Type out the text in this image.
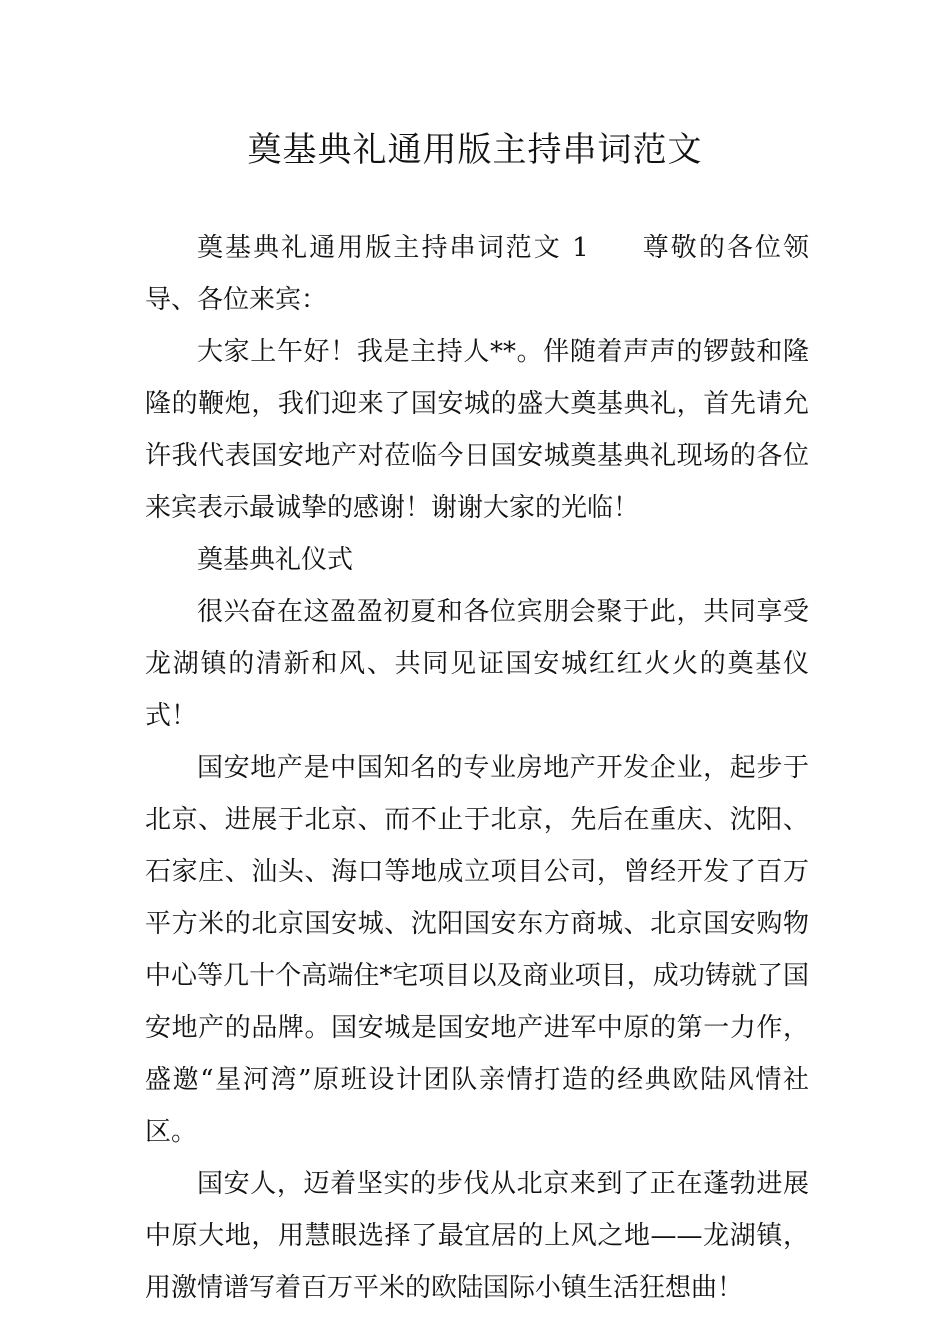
奠基典礼通用版主持串词范文

奠基典礼通用版主持串词范文 1 尊敬的各位领导、各位来宾：

大家上午好！我是主持人**。伴随着声声的锣鼓和隆隆的鞭炮，我们迎来了国安城的盛大奠基典礼，首先请允许我代表国安地产对莅临今日国安城奠基典礼现场的各位来宾表示最诚挚的感谢！谢谢大家的光临！

奠基典礼仪式

很兴奋在这盈盈初夏和各位宾朋会聚于此，共同享受龙湖镇的清新和风、共同见证国安城红红火火的奠基仪式！

国安地产是中国知名的专业房地产开发企业，起步于北京、进展于北京、而不止于北京，先后在重庆、沈阳、石家庄、汕头、海口等地成立项目公司，曾经开发了百万平方米的北京国安城、沈阳国安东方商城、北京国安购物中心等几十个高端住*宅项目以及商业项目，成功铸就了国安地产的品牌。国安城是国安地产进军中原的第一力作，盛邀“星河湾”原班设计团队亲情打造的经典欧陆风情社区。

国安人，迈着坚实的步伐从北京来到了正在蓬勃进展中原大地，用慧眼选择了最宜居的上风之地——龙湖镇，用激情谱写着百万平米的欧陆国际小镇生活狂想曲！
